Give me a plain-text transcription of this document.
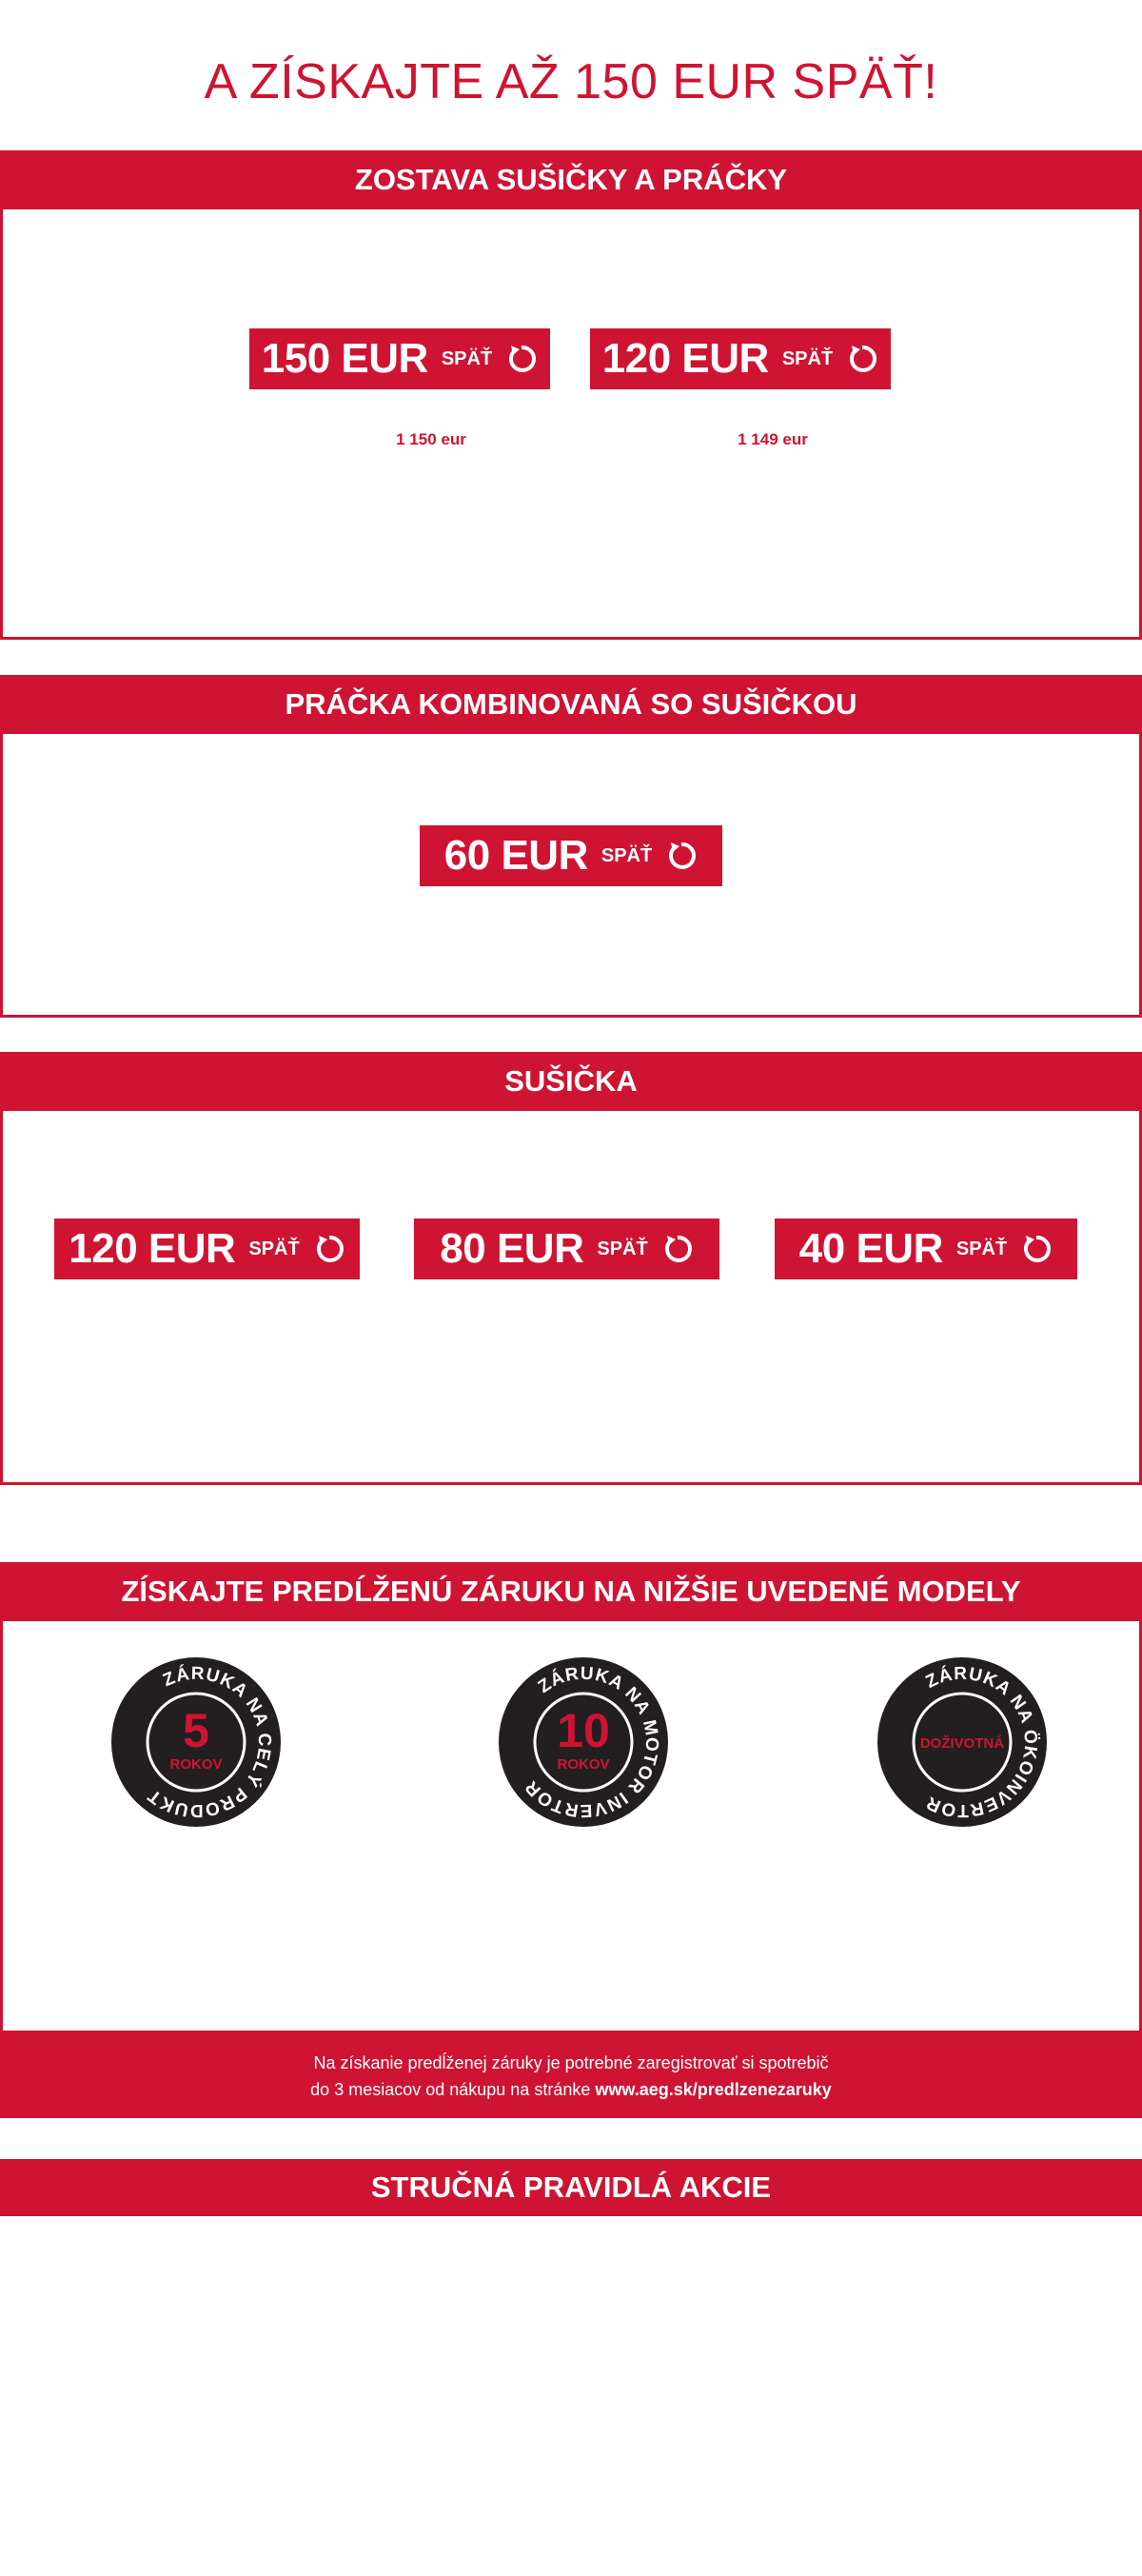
A ZÍSKAJTE AŽ 150 EUR SPÄŤ!
ZOSTAVA SUŠIČKY A PRÁČKY
150 EUR SPÄŤ	120 EUR SPÄŤ
1 150 eur	1 149 eur
PRÁČKA KOMBINOVANÁ SO SUŠIČKOU
60 EUR SPÄŤ
SUŠIČKA
120 EUR SPÄŤ	80 EUR SPÄŤ	40 EUR SPÄŤ
ZÍSKAJTE PREDĹŽENÚ ZÁRUKU NA NIŽŠIE UVEDENÉ MODELY
ZÁRUKA NA CELÝ PRODUKT
5
ROKOV
ZÁRUKA NA MOTOR INVERTOR
10
ROKOV
ZÁRUKA NA ÖKOINVERTOR
DOŽIVOTNÁ
Na získanie predĺženej záruky je potrebné zaregistrovať si spotrebič
do 3 mesiacov od nákupu na stránke www.aeg.sk/predlzenezaruky
STRUČNÁ PRAVIDLÁ AKCIE
